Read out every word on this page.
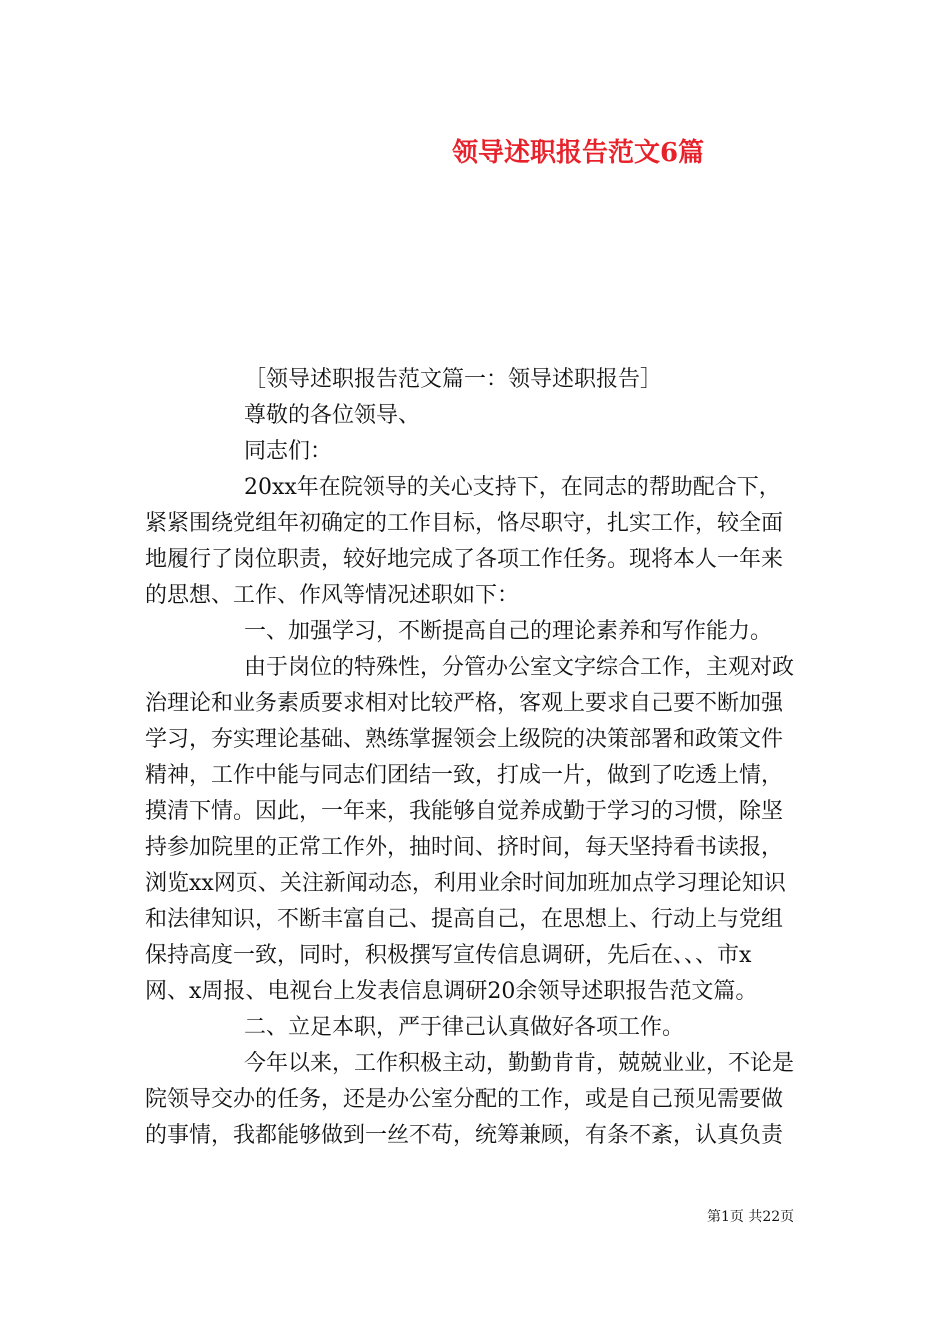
领导述职报告范文6篇
［领导述职报告范文篇一：领导述职报告］
尊敬的各位领导、
同志们：
20xx年在院领导的关心支持下，在同志的帮助配合下，
紧紧围绕党组年初确定的工作目标，恪尽职守，扎实工作，较全面
地履行了岗位职责，较好地完成了各项工作任务。现将本人一年来
的思想、工作、作风等情况述职如下：
一、加强学习，不断提高自己的理论素养和写作能力。
由于岗位的特殊性，分管办公室文字综合工作，主观对政
治理论和业务素质要求相对比较严格，客观上要求自己要不断加强
学习，夯实理论基础、熟练掌握领会上级院的决策部署和政策文件
精神，工作中能与同志们团结一致，打成一片，做到了吃透上情，
摸清下情。因此，一年来，我能够自觉养成勤于学习的习惯，除坚
持参加院里的正常工作外，抽时间、挤时间，每天坚持看书读报，
浏览xx网页、关注新闻动态，利用业余时间加班加点学习理论知识
和法律知识，不断丰富自己、提高自己，在思想上、行动上与党组
保持高度一致，同时，积极撰写宣传信息调研，先后在、、、市x
网、x周报、电视台上发表信息调研20余领导述职报告范文篇。
二、立足本职，严于律己认真做好各项工作。
今年以来，工作积极主动，勤勤肯肯，兢兢业业，不论是
院领导交办的任务，还是办公室分配的工作，或是自己预见需要做
的事情，我都能够做到一丝不苟，统筹兼顾，有条不紊，认真负责
第1页 共22页
